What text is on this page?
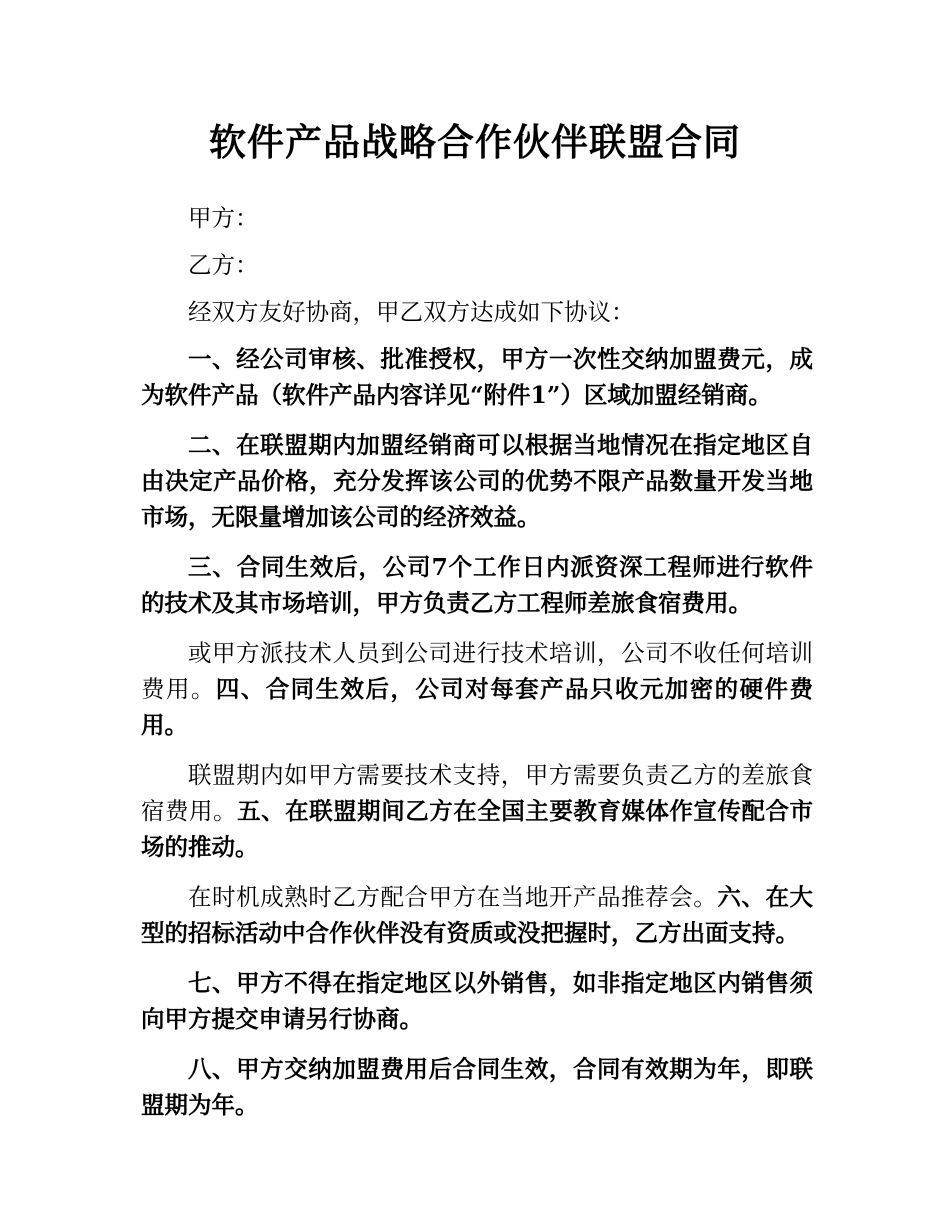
软件产品战略合作伙伴联盟合同

甲方：

乙方：

经双方友好协商，甲乙双方达成如下协议：

一、经公司审核、批准授权，甲方一次性交纳加盟费元，成为软件产品（软件产品内容详见“附件1”）区域加盟经销商。

二、在联盟期内加盟经销商可以根据当地情况在指定地区自由决定产品价格，充分发挥该公司的优势不限产品数量开发当地市场，无限量增加该公司的经济效益。

三、合同生效后，公司7个工作日内派资深工程师进行软件的技术及其市场培训，甲方负责乙方工程师差旅食宿费用。

或甲方派技术人员到公司进行技术培训，公司不收任何培训费用。四、合同生效后，公司对每套产品只收元加密的硬件费用。

联盟期内如甲方需要技术支持，甲方需要负责乙方的差旅食宿费用。五、在联盟期间乙方在全国主要教育媒体作宣传配合市场的推动。

在时机成熟时乙方配合甲方在当地开产品推荐会。六、在大型的招标活动中合作伙伴没有资质或没把握时，乙方出面支持。

七、甲方不得在指定地区以外销售，如非指定地区内销售须向甲方提交申请另行协商。

八、甲方交纳加盟费用后合同生效，合同有效期为年，即联盟期为年。
